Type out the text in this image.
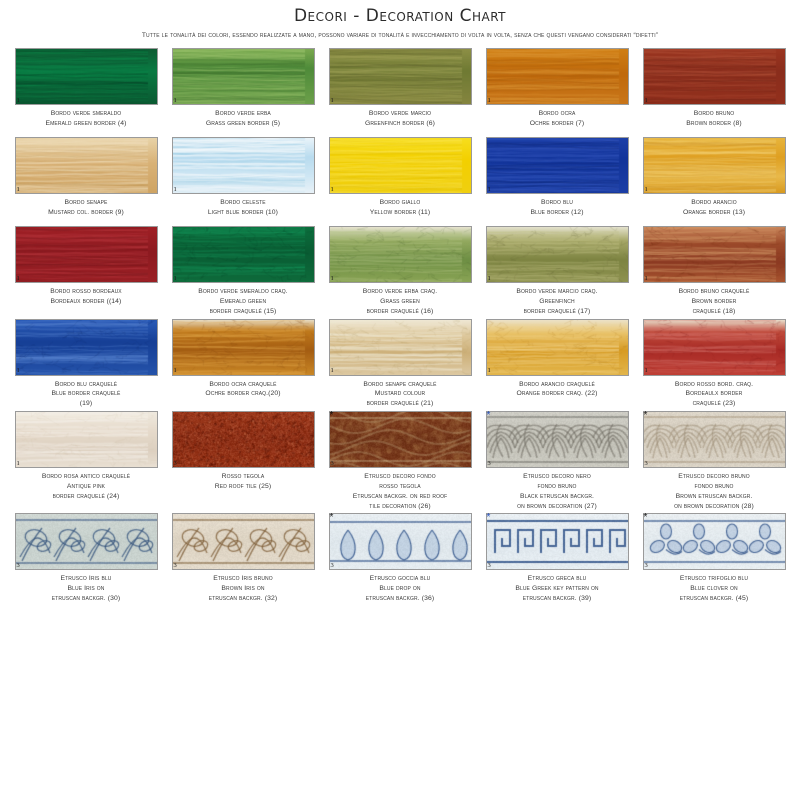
Decori - Decoration Chart
Tutte le tonalità dei colori, essendo realizzate a mano, possono variare di tonalità e invecchiamento di volta in volta, senza che questi vengano considerati “difetti”
1
Bordo verde smeraldo
Emerald green border (4)
1
Bordo verde erba
Grass green border (5)
1
Bordo verde marcio
Greenfinch border (6)
1
Bordo ocra
Ochre border (7)
1
Bordo bruno
Brown border (8)
1
Bordo senape
Mustard col. border (9)
1
Bordo celeste
Light blue border (10)
1
Bordo giallo
Yellow border (11)
1
Bordo blu
Blue border (12)
1
Bordo arancio
Orange border (13)
1
Bordo rosso bordeaux
Bordeaux border ((14)
1
Bordo verde smeraldo craq.
Emerald green
border craquelé (15)
1
Bordo verde erba craq.
Grass green
border craquelé (16)
1
Bordo verde marcio craq.
Greenfinch
border craquelé (17)
1
Bordo bruno craquelé
Brown border
craquelé (18)
1
Bordo blu craquelé
Blue border craquelé
(19)
1
Bordo ocra craquelé
Ochre border craq.(20)
1
Bordo senape craquelé
Mustard colour
border craquelé (21)
1
Bordo arancio craquelé
Orange border craq. (22)
1
Bordo rosso bord. craq.
Bordeaulx border
craquelé (23)
1
Bordo rosa antico craquelé
Antique pink
border craquelé (24)
3
Rosso tegola
Red roof tile (25)
*
3
Etrusco decoro fondo
rosso tegola
Etruscan backgr. on red roof
tile decoration (26)
*
3
Etrusco decoro nero
fondo bruno
Black etruscan backgr.
on brown decoration (27)
*
3
Etrusco decoro bruno
fondo bruno
Brown etruscan backgr.
on brown decoration (28)
3
Etrusco Iris blu
Blue Iris on
etruscan backgr. (30)
3
Etrusco Iris bruno
Brown Iris on
etruscan backgr. (32)
*
3
Etrusco goccia blu
Blue drop on
etruscan backgr. (36)
*
3
Etrusco greca blu
Blue Greek key pattern on
etruscan backgr. (39)
*
3
Etrusco trifoglio blu
Blue clover on
etruscan backgr. (45)
